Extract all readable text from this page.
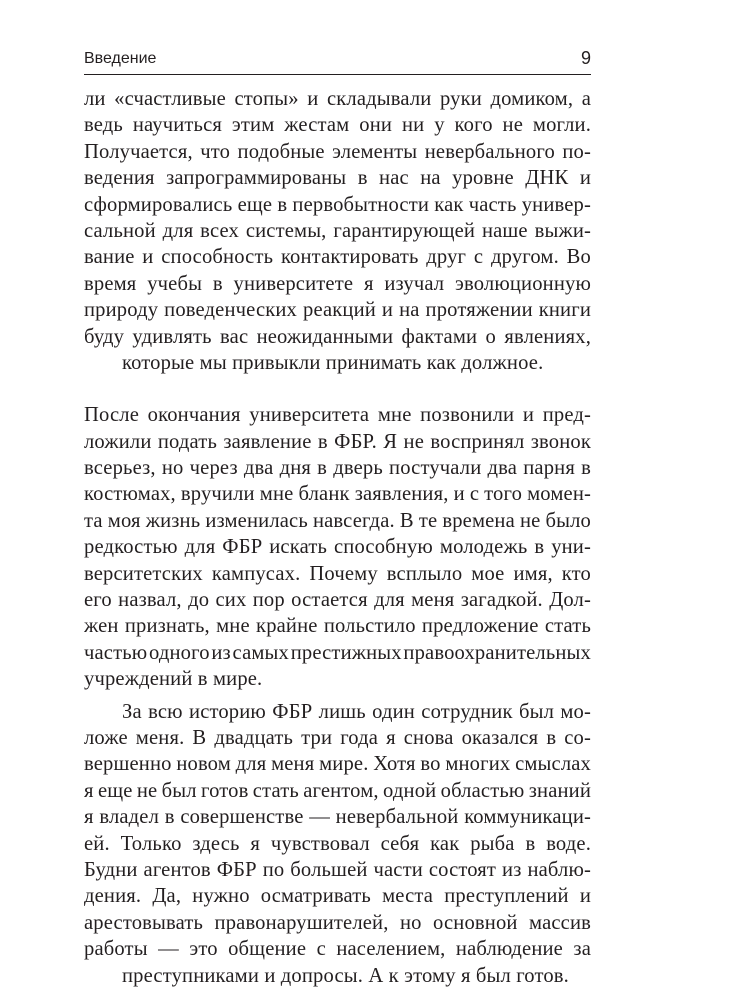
Введение	9
ли «счастливые стопы» и складывали руки домиком, а
ведь научиться этим жестам они ни у кого не могли.
Получается, что подобные элементы невербального по-
ведения запрограммированы в нас на уровне ДНК и
сформировались еще в первобытности как часть универ-
сальной для всех системы, гарантирующей наше выжи-
вание и способность контактировать друг с другом. Во
время учебы в университете я изучал эволюционную
природу поведенческих реакций и на протяжении книги
буду удивлять вас неожиданными фактами о явлениях,
которые мы привыкли принимать как должное.
После окончания университета мне позвонили и пред-
ложили подать заявление в ФБР. Я не воспринял звонок
всерьез, но через два дня в дверь постучали два парня в
костюмах, вручили мне бланк заявления, и с того момен-
та моя жизнь изменилась навсегда. В те времена не было
редкостью для ФБР искать способную молодежь в уни-
верситетских кампусах. Почему всплыло мое имя, кто
его назвал, до сих пор остается для меня загадкой. Дол-
жен признать, мне крайне польстило предложение стать
частью одного из самых престижных правоохранительных
учреждений в мире.
За всю историю ФБР лишь один сотрудник был мо-
ложе меня. В двадцать три года я снова оказался в со-
вершенно новом для меня мире. Хотя во многих смыслах
я еще не был готов стать агентом, одной областью знаний
я владел в совершенстве — невербальной коммуникаци-
ей. Только здесь я чувствовал себя как рыба в воде.
Будни агентов ФБР по большей части состоят из наблю-
дения. Да, нужно осматривать места преступлений и
арестовывать правонарушителей, но основной массив
работы — это общение с населением, наблюдение за
преступниками и допросы. А к этому я был готов.
